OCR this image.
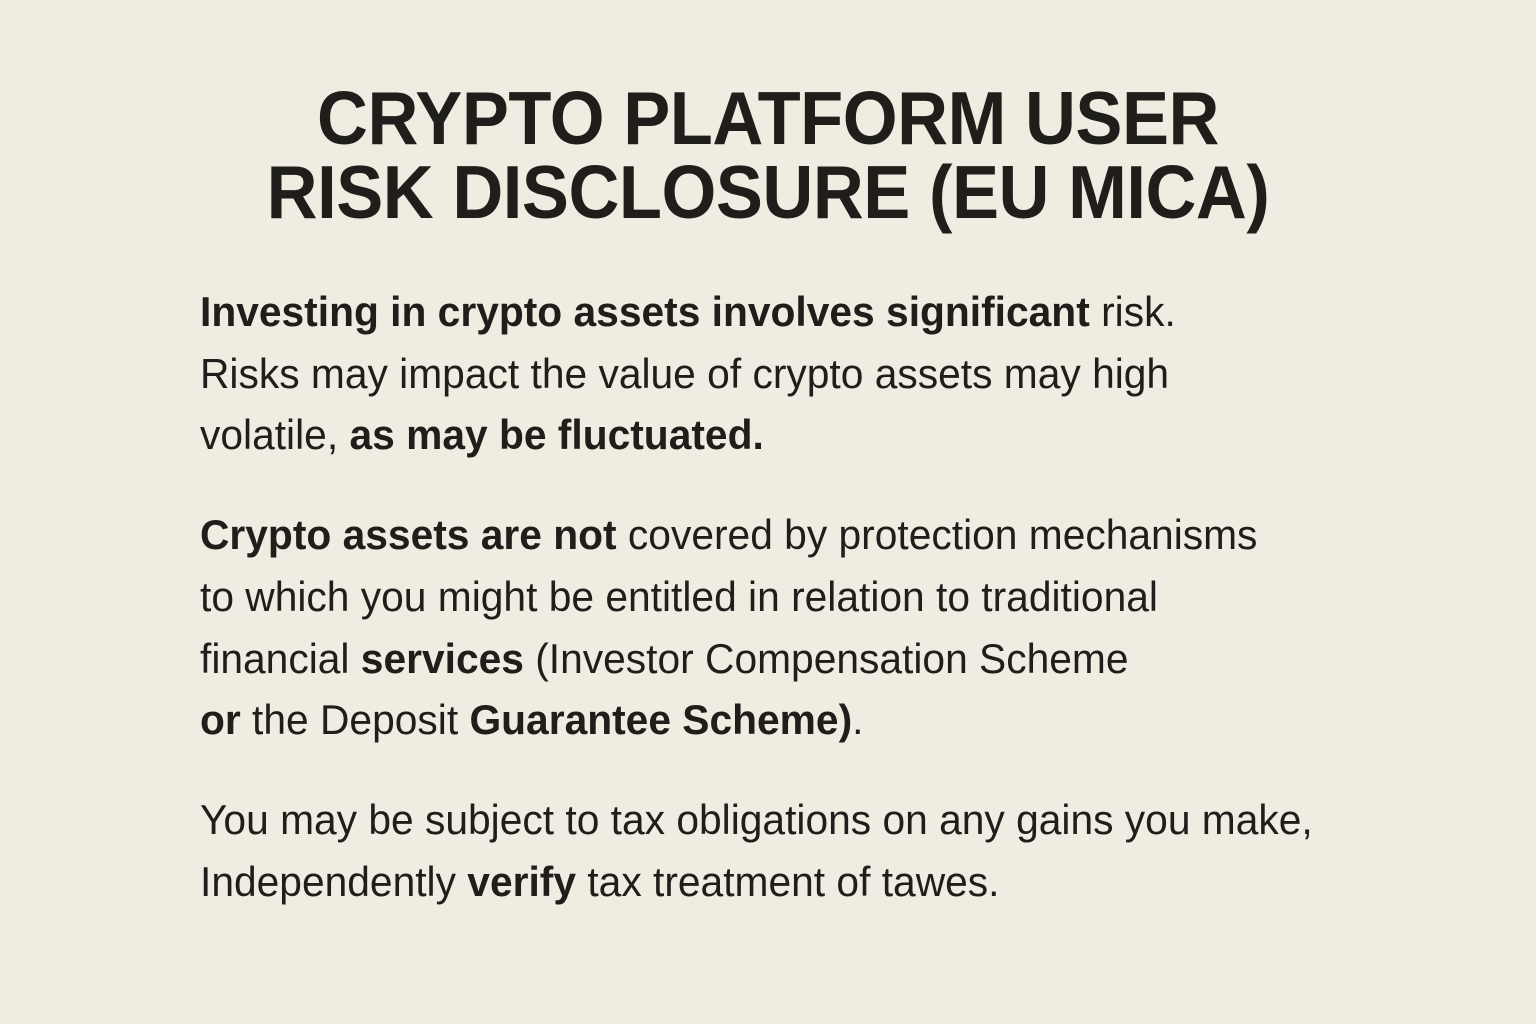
CRYPTO PLATFORM USER
RISK DISCLOSURE (EU MICA)

Investing in crypto assets involves significant risk.
Risks may impact the value of crypto assets may high
volatile, as may be fluctuated.

Crypto assets are not covered by protection mechanisms
to which you might be entitled in relation to traditional
financial services (Investor Compensation Scheme
or the Deposit Guarantee Scheme).

You may be subject to tax obligations on any gains you make,
Independently verify tax treatment of tawes.
